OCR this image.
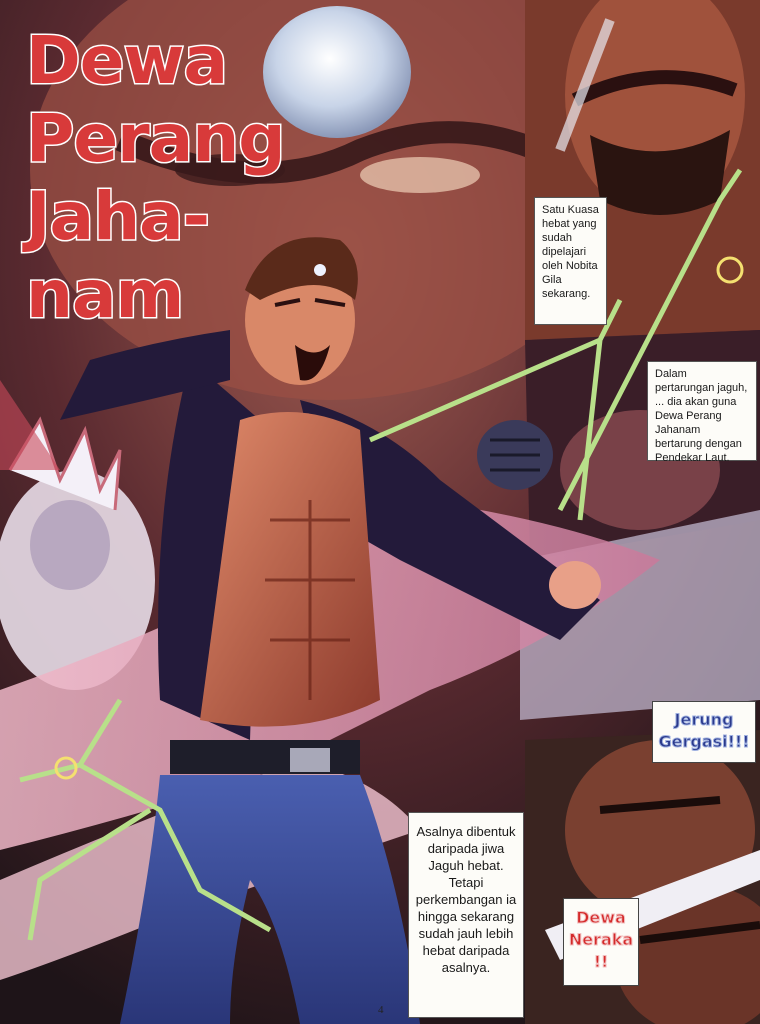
Dewa
Perang
Jaha-
nam
Satu Kuasa hebat yang sudah dipelajari oleh Nobita Gila sekarang.
Dalam pertarungan jaguh, ... dia akan guna Dewa Perang Jahanam bertarung dengan Pendekar Laut.
Asalnya dibentuk daripada jiwa Jaguh hebat. Tetapi perkembangan ia hingga sekarang sudah jauh lebih hebat daripada asalnya.
Jerung
Gergasi!!!
Dewa
Neraka
!!
4
